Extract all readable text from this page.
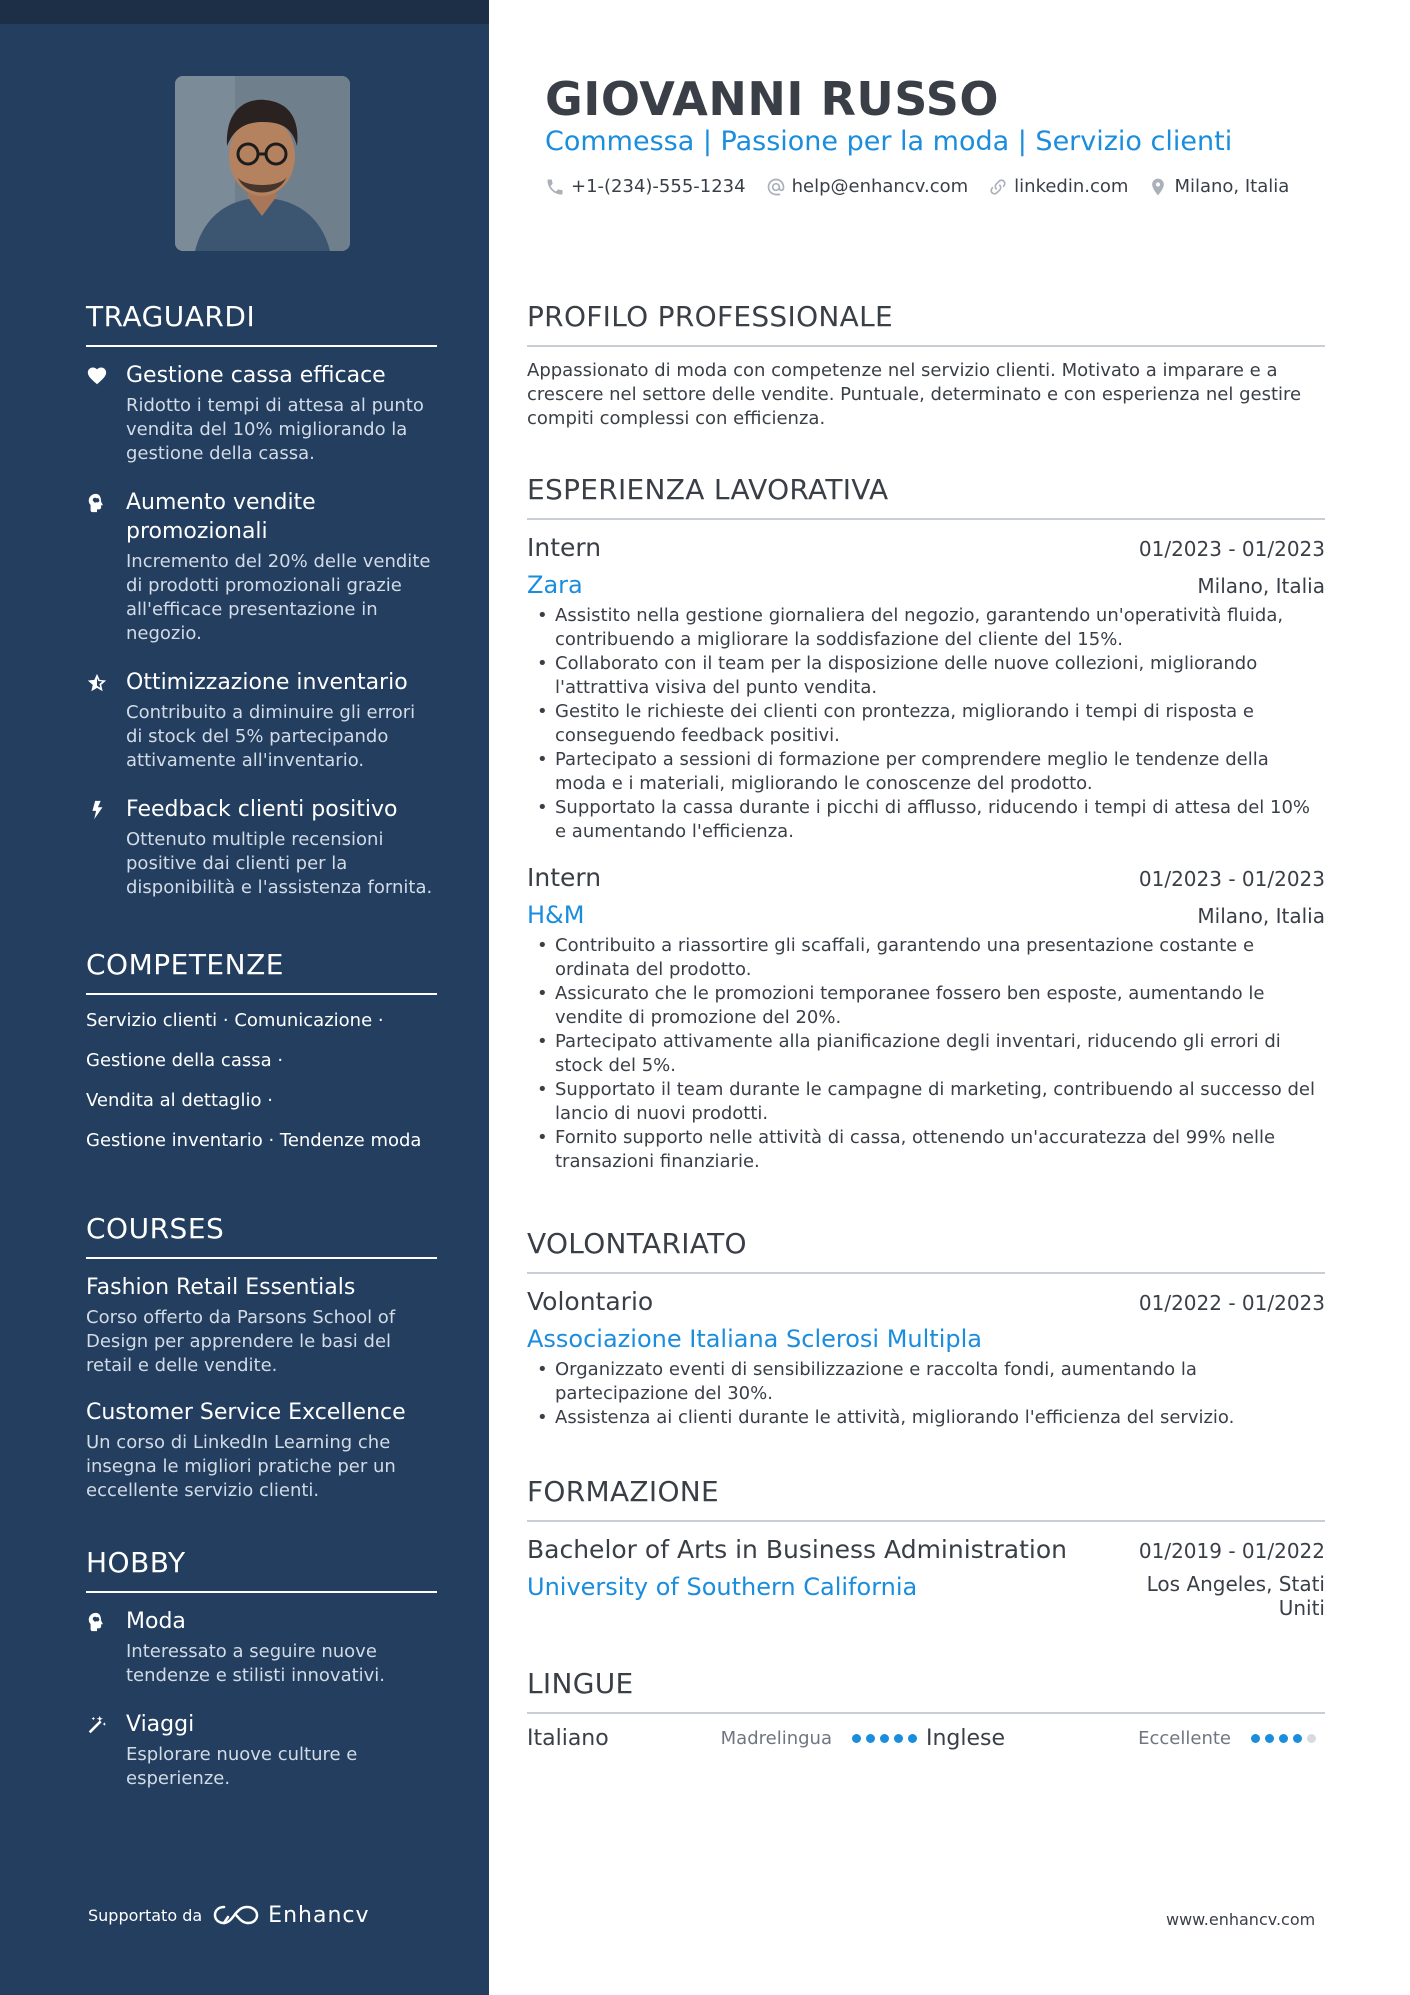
TRAGUARDI
Gestione cassa efficace
Ridotto i tempi di attesa al punto vendita del 10% migliorando la gestione della cassa.
Aumento vendite promozionali
Incremento del 20% delle vendite di prodotti promozionali grazie all'efficace presentazione in negozio.
Ottimizzazione inventario
Contribuito a diminuire gli errori di stock del 5% partecipando attivamente all'inventario.
Feedback clienti positivo
Ottenuto multiple recensioni positive dai clienti per la disponibilità e l'assistenza fornita.
COMPETENZE
Servizio clienti · Comunicazione ·
Gestione della cassa ·
Vendita al dettaglio ·
Gestione inventario · Tendenze moda
COURSES
Fashion Retail Essentials
Corso offerto da Parsons School of Design per apprendere le basi del retail e delle vendite.
Customer Service Excellence
Un corso di LinkedIn Learning che insegna le migliori pratiche per un eccellente servizio clienti.
HOBBY
Moda
Interessato a seguire nuove tendenze e stilisti innovativi.
Viaggi
Esplorare nuove culture e esperienze.
Supportato da	Enhancv
GIOVANNI RUSSO
Commessa | Passione per la moda | Servizio clienti
+1-(234)-555-1234	help@enhancv.com	linkedin.com	Milano, Italia
PROFILO PROFESSIONALE
Appassionato di moda con competenze nel servizio clienti. Motivato a imparare e a crescere nel settore delle vendite. Puntuale, determinato e con esperienza nel gestire compiti complessi con efficienza.
ESPERIENZA LAVORATIVA
Intern	01/2023 - 01/2023
Zara	Milano, Italia
• Assistito nella gestione giornaliera del negozio, garantendo un'operatività fluida, contribuendo a migliorare la soddisfazione del cliente del 15%.
• Collaborato con il team per la disposizione delle nuove collezioni, migliorando l'attrattiva visiva del punto vendita.
• Gestito le richieste dei clienti con prontezza, migliorando i tempi di risposta e conseguendo feedback positivi.
• Partecipato a sessioni di formazione per comprendere meglio le tendenze della moda e i materiali, migliorando le conoscenze del prodotto.
• Supportato la cassa durante i picchi di afflusso, riducendo i tempi di attesa del 10% e aumentando l'efficienza.
Intern	01/2023 - 01/2023
H&M	Milano, Italia
• Contribuito a riassortire gli scaffali, garantendo una presentazione costante e ordinata del prodotto.
• Assicurato che le promozioni temporanee fossero ben esposte, aumentando le vendite di promozione del 20%.
• Partecipato attivamente alla pianificazione degli inventari, riducendo gli errori di stock del 5%.
• Supportato il team durante le campagne di marketing, contribuendo al successo del lancio di nuovi prodotti.
• Fornito supporto nelle attività di cassa, ottenendo un'accuratezza del 99% nelle transazioni finanziarie.
VOLONTARIATO
Volontario	01/2022 - 01/2023
Associazione Italiana Sclerosi Multipla
• Organizzato eventi di sensibilizzazione e raccolta fondi, aumentando la partecipazione del 30%.
• Assistenza ai clienti durante le attività, migliorando l'efficienza del servizio.
FORMAZIONE
Bachelor of Arts in Business Administration	01/2019 - 01/2022
University of Southern California	Los Angeles, Stati Uniti
LINGUE
Italiano	Madrelingua	Inglese	Eccellente
www.enhancv.com
